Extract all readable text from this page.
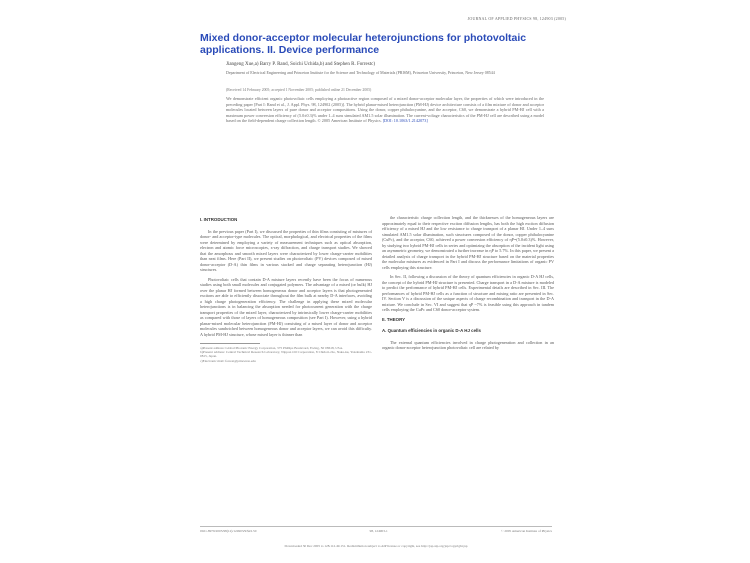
JOURNAL OF APPLIED PHYSICS 98, 124903 (2005)
Mixed donor-acceptor molecular heterojunctions for photovoltaic applications. II. Device performance
Jiangeng Xue,a) Barry P. Rand, Soichi Uchida,b) and Stephen R. Forrestc)
Department of Electrical Engineering and Princeton Institute for the Science and Technology of Materials (PRISM), Princeton University, Princeton, New Jersey 08544
(Received 14 February 2005; accepted 1 November 2005; published online 21 December 2005)
We demonstrate efficient organic photovoltaic cells employing a photoactive region composed of a mixed donor-acceptor molecular layer, the properties of which were introduced in the preceding paper [Part I: Rand et al., J. Appl. Phys. 98, 124902 (2005)]. The hybrid planar-mixed heterojunction (PM-HJ) device architecture consists of a film mixture of donor and acceptor molecules located between layers of pure donor and acceptor compositions. Using the donor, copper phthalocyanine, and the acceptor, C60, we demonstrate a hybrid PM-HJ cell with a maximum power conversion efficiency of (5.0±0.3)% under 1–4 suns simulated AM1.5 solar illumination. The current-voltage characteristics of the PM-HJ cell are described using a model based on the field-dependent charge collection length. © 2005 American Institute of Physics. [DOI: 10.1063/1.2142073]
I. INTRODUCTION

In the previous paper (Part I), we discussed the properties of thin films consisting of mixtures of donor- and acceptor-type molecules. The optical, morphological, and electrical properties of the films were determined by employing a variety of measurement techniques such as optical absorption, electron and atomic force microscopies, x-ray diffraction, and charge transport studies. We showed that the amorphous and smooth mixed layers were characterized by lower charge-carrier mobilities than neat films. Here (Part II), we present studies on photovoltaic (PV) devices composed of mixed donor-acceptor (D-A) thin films in various stacked and charge separating heterojunction (HJ) structures.

Photovoltaic cells that contain D-A mixture layers recently have been the focus of numerous studies using both small molecules and conjugated polymers. The advantage of a mixed (or bulk) HJ over the planar HJ formed between homogeneous donor and acceptor layers is that photogenerated excitons are able to efficiently dissociate throughout the film bulk at nearby D-A interfaces, avoiding a high charge photogeneration efficiency. The challenge in applying these mixed molecular heterojunctions is in balancing the absorption needed for photocurrent generation with the charge transport properties of the mixed layer, characterized by intrinsically lower charge-carrier mobilities as compared with those of layers of homogeneous composition (see Part I). However, using a hybrid planar-mixed molecular heterojunction (PM-HJ) consisting of a mixed layer of donor and acceptor molecules sandwiched between homogeneous donor and acceptor layers, we can avoid this difficulty. A hybrid PM-HJ structure, whose mixed layer is thinner than

a)Present address: Global Photonic Energy Corporation, 375 Phillips Boulevard, Ewing, NJ 08618, USA.
b)Present address: Central Technical Research Laboratory, Nippon Oil Corporation, 8 Chidori-cho, Naka-ku, Yokohama 231-0815, Japan.
c)Electronic mail: forrest@princeton.edu

the characteristic charge collection length, and the thicknesses of the homogeneous layers are approximately equal to their respective exciton diffusion lengths, has both the high exciton diffusion efficiency of a mixed HJ and the low resistance to charge transport of a planar HJ. Under 1–4 suns simulated AM1.5 solar illumination, such structures composed of the donor, copper phthalocyanine (CuPc), and the acceptor, C60, achieved a power conversion efficiency of ηP=(5.0±0.3)%. However, by studying two hybrid PM-HJ cells in series and optimizing the absorption of the incident light using an asymmetric geometry, we demonstrated a further increase in ηP to 5.7%. In this paper, we present a detailed analysis of charge transport in the hybrid PM-HJ structure based on the material properties the molecular mixtures as evidenced in Part I and discuss the performance limitations of organic PV cells employing this structure.

In Sec. II, following a discussion of the theory of quantum efficiencies in organic D-A HJ cells, the concept of the hybrid PM-HJ structure is presented. Charge transport in a D-A mixture is modeled to predict the performance of hybrid PM-HJ cells. Experimental details are described in Sec. III. The performances of hybrid PM-HJ cells as a function of structure and mixing ratio are presented in Sec. IV. Section V is a discussion of the unique aspects of charge recombination and transport in the D-A mixture. We conclude in Sec. VI and suggest that ηP ~7% is feasible using this approach in tandem cells employing the CuPc and C60 donor-acceptor system.

II. THEORY
A. Quantum efficiencies in organic D-A HJ cells

The external quantum efficiencies involved in charge photogeneration and collection in an organic donor-acceptor heterojunction photovoltaic cell are related by

0021-8979/2005/98(12)/124903/9/$22.50	98, 124903-1	© 2005 American Institute of Physics
Downloaded 30 Dec 2005 to 128.112.49.151. Redistribution subject to AIP license or copyright, see http://jap.aip.org/jap/copyright.jsp
